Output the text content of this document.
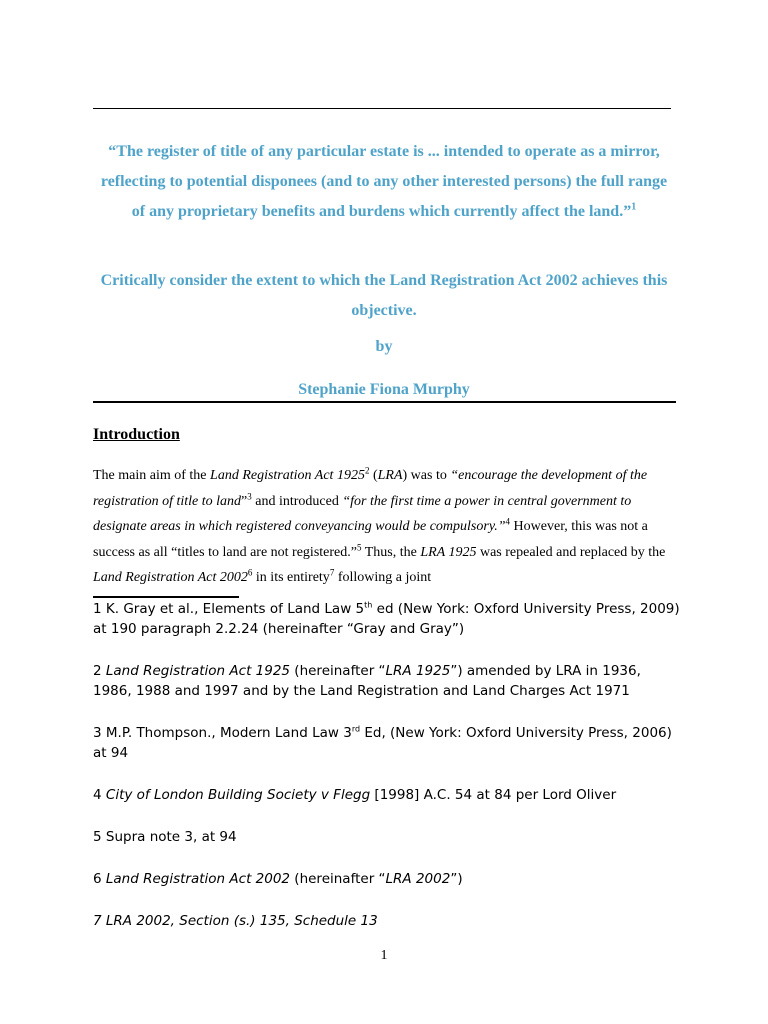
“The register of title of any particular estate is ... intended to operate as a mirror, reflecting to potential disponees (and to any other interested persons) the full range of any proprietary benefits and burdens which currently affect the land.”$^1$
Critically consider the extent to which the Land Registration Act 2002 achieves this objective.
by
Stephanie Fiona Murphy
Introduction
The main aim of the Land Registration Act 1925$^2$ (LRA) was to “encourage the development of the registration of title to land”$^3$ and introduced “for the first time a power in central government to designate areas in which registered conveyancing would be compulsory.”$^4$ However, this was not a success as all “titles to land are not registered.”$^5$ Thus, the LRA 1925 was repealed and replaced by the Land Registration Act 2002$^6$ in its entirety$^7$ following a joint

1 K. Gray et al., Elements of Land Law 5th ed (New York: Oxford University Press, 2009) at 190 paragraph 2.2.24 (hereinafter “Gray and Gray”)

2 Land Registration Act 1925 (hereinafter “LRA 1925”) amended by LRA in 1936, 1986, 1988 and 1997 and by the Land Registration and Land Charges Act 1971

3 M.P. Thompson., Modern Land Law 3rd Ed, (New York: Oxford University Press, 2006) at 94

4 City of London Building Society v Flegg [1998] A.C. 54 at 84 per Lord Oliver

5 Supra note 3, at 94

6 Land Registration Act 2002 (hereinafter “LRA 2002”)

7 LRA 2002, Section (s.) 135, Schedule 13

1
